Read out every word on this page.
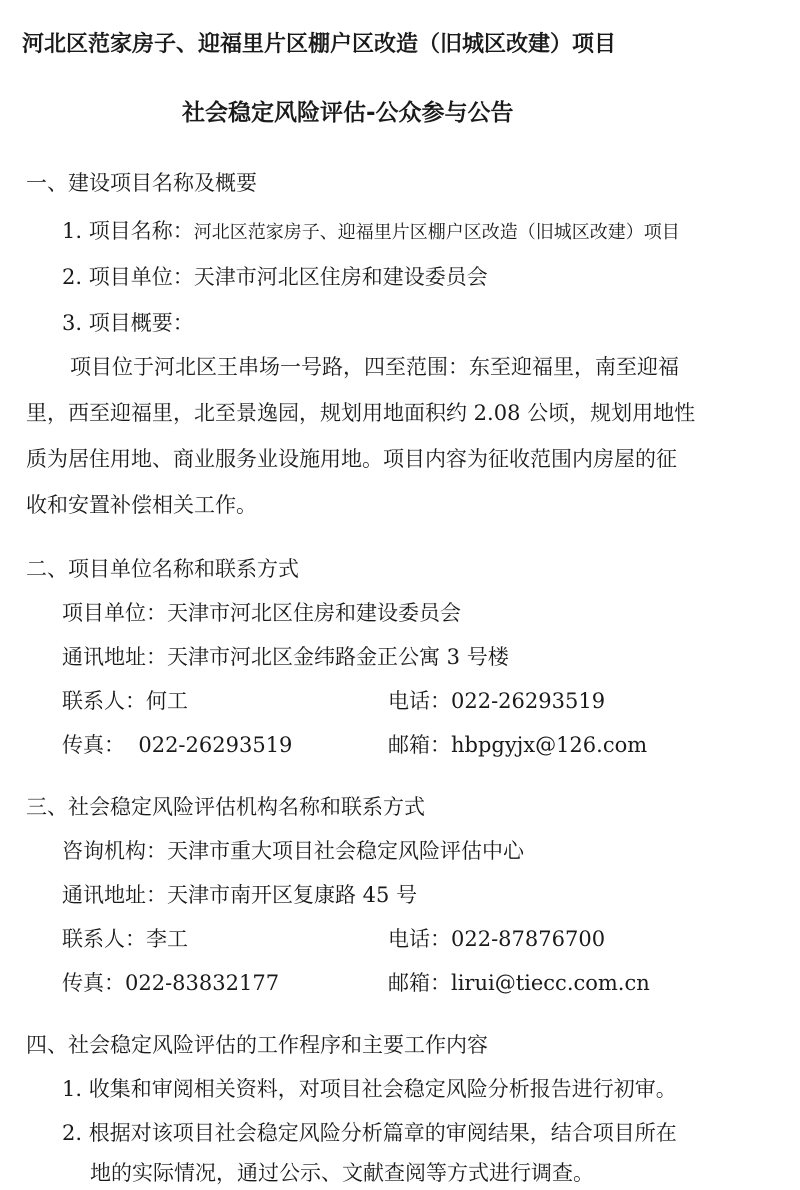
河北区范家房子、迎福里片区棚户区改造（旧城区改建）项目
社会稳定风险评估-公众参与公告
一、建设项目名称及概要
1. 项目名称：河北区范家房子、迎福里片区棚户区改造（旧城区改建）项目
2. 项目单位：天津市河北区住房和建设委员会
3. 项目概要：
项目位于河北区王串场一号路，四至范围：东至迎福里，南至迎福
里，西至迎福里，北至景逸园，规划用地面积约 2.08 公顷，规划用地性
质为居住用地、商业服务业设施用地。项目内容为征收范围内房屋的征
收和安置补偿相关工作。
二、项目单位名称和联系方式
项目单位：天津市河北区住房和建设委员会
通讯地址：天津市河北区金纬路金正公寓 3 号楼
联系人：何工	电话：022-26293519
传真：  022-26293519	邮箱：hbpgyjx@126.com
三、社会稳定风险评估机构名称和联系方式
咨询机构：天津市重大项目社会稳定风险评估中心
通讯地址：天津市南开区复康路 45 号
联系人：李工	电话：022-87876700
传真：022-83832177	邮箱：lirui@tiecc.com.cn
四、社会稳定风险评估的工作程序和主要工作内容
1. 收集和审阅相关资料，对项目社会稳定风险分析报告进行初审。
2. 根据对该项目社会稳定风险分析篇章的审阅结果，结合项目所在
地的实际情况，通过公示、文献查阅等方式进行调查。
